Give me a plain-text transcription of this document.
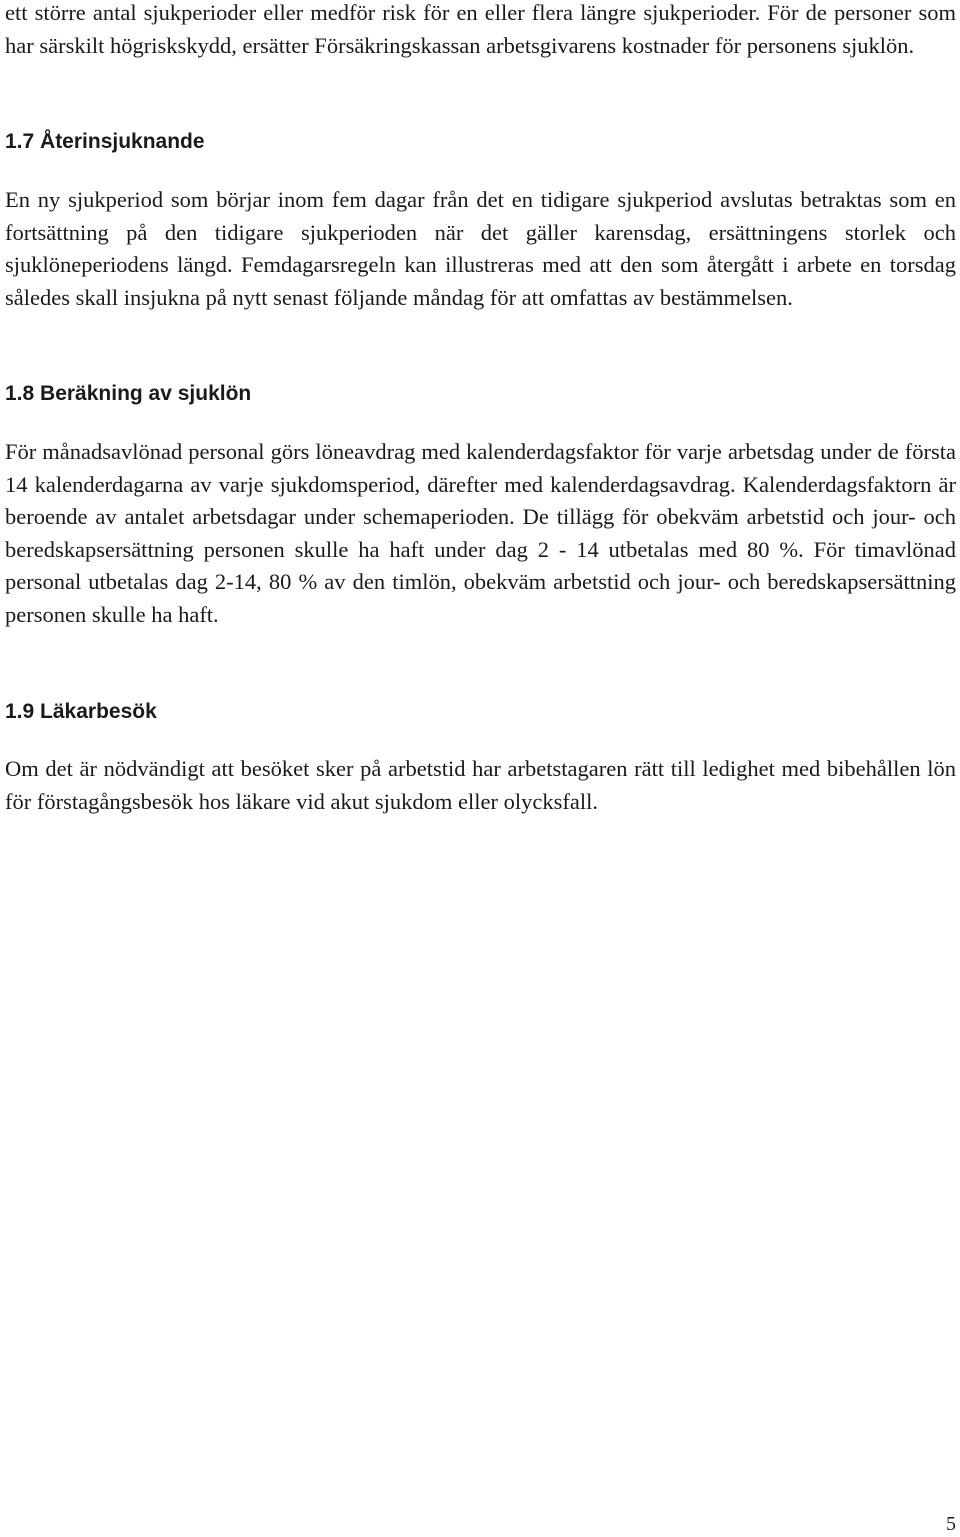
ett större antal sjukperioder eller medför risk för en eller flera längre sjukperioder. För de personer som har särskilt högriskskydd, ersätter Försäkringskassan arbetsgivarens kostnader för personens sjuklön.

1.7 Återinsjuknande

En ny sjukperiod som börjar inom fem dagar från det en tidigare sjukperiod avslutas betraktas som en fortsättning på den tidigare sjukperioden när det gäller karensdag, ersättningens storlek och sjuklöneperiodens längd. Femdagarsregeln kan illustreras med att den som återgått i arbete en torsdag således skall insjukna på nytt senast följande måndag för att omfattas av bestämmelsen.

1.8 Beräkning av sjuklön

För månadsavlönad personal görs löneavdrag med kalenderdagsfaktor för varje arbetsdag under de första 14 kalenderdagarna av varje sjukdomsperiod, därefter med kalenderdagsavdrag. Kalenderdagsfaktorn är beroende av antalet arbetsdagar under schemaperioden. De tillägg för obekväm arbetstid och jour- och beredskapsersättning personen skulle ha haft under dag 2 - 14 utbetalas med 80 %. För timavlönad personal utbetalas dag 2-14, 80 % av den timlön, obekväm arbetstid och jour- och beredskapsersättning personen skulle ha haft.

1.9 Läkarbesök

Om det är nödvändigt att besöket sker på arbetstid har arbetstagaren rätt till ledighet med bibehållen lön för förstagångsbesök hos läkare vid akut sjukdom eller olycksfall.

5
